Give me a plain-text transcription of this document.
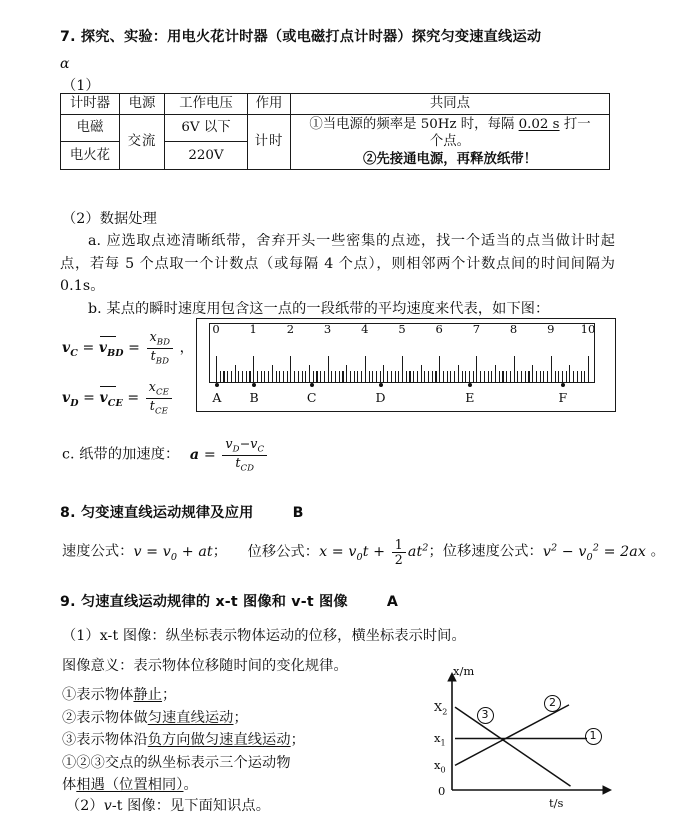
7. 探究、实验：用电火花计时器（或电磁打点计时器）探究匀变速直线运动
α
（1）
计时器	电源	工作电压	作用	共同点
电磁	交流	6V 以下	计时	①当电源的频率是 50Hz 时，每隔 0.02 s 打一
个点。
②先接通电源，再释放纸带！

电火花		220V		
（2）数据处理
a. 应选取点迹清晰纸带，舍弃开头一些密集的点迹，找一个适当的点当做计时起点，若每 5 个点取一个计数点（或每隔 4 个点），则相邻两个计数点间的时间间隔为 0.1s。
b. 某点的瞬时速度用包含这一点的一段纸带的平均速度来代表，如下图：
$v_C = v_{BD} = \frac{x_{BD}}{t_{BD}}$ ，
$v_D = v_{CE} = \frac{x_{CE}}{t_{CE}}$
0	1	2	3	4	5	6	7	8	9 10
A B	C	D	E	F
c. 纸带的加速度： $a = \frac{v_D-v_C}{t_{CD}}$
8. 匀变速直线运动规律及应用	B
速度公式：$v = v_0$ + at； 位移公式：$x = v_0t + \frac{1}{2} at^2$；位移速度公式：$v^2 - v_0^2 = 2ax$ 。
9. 匀速直线运动规律的 x-t 图像和 v-t 图像	A
（1）x-t 图像：纵坐标表示物体运动的位移，横坐标表示时间。
图像意义：表示物体位移随时间的变化规律。
①表示物体静止；
②表示物体做匀速直线运动；
③表示物体沿负方向做匀速直线运动；
①②③交点的纵坐标表示三个运动物
体相遇（位置相同）。
（2）v-t 图像：见下面知识点。
x/m
t/s
0
$x_0$
$x_1$
$X_2$
1
2
3
